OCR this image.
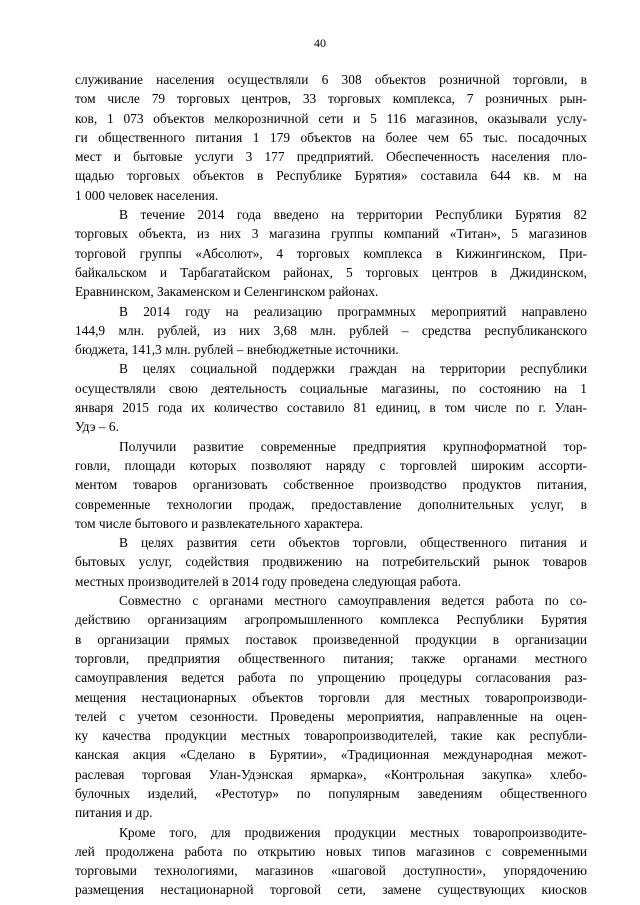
40
служивание населения осуществляли 6 308 объектов розничной торговли, в
том числе 79 торговых центров, 33 торговых комплекса, 7 розничных рын-
ков, 1 073 объектов мелкорозничной сети и 5 116 магазинов, оказывали услу-
ги общественного питания 1 179 объектов на более чем 65 тыс. посадочных
мест и бытовые услуги 3 177 предприятий. Обеспеченность населения пло-
щадью торговых объектов в Республике Бурятия» составила 644 кв. м на
1 000 человек населения.
В течение 2014 года введено на территории Республики Бурятия 82
торговых объекта, из них 3 магазина группы компаний «Титан», 5 магазинов
торговой группы «Абсолют», 4 торговых комплекса в Кижингинском, При-
байкальском и Тарбагатайском районах, 5 торговых центров в Джидинском,
Еравнинском, Закаменском и Селенгинском районах.
В 2014 году на реализацию программных мероприятий направлено
144,9 млн. рублей, из них 3,68 млн. рублей – средства республиканского
бюджета, 141,3 млн. рублей – внебюджетные источники.
В целях социальной поддержки граждан на территории республики
осуществляли свою деятельность социальные магазины, по состоянию на 1
января 2015 года их количество составило 81 единиц, в том числе по г. Улан-
Удэ – 6.
Получили развитие современные предприятия крупноформатной тор-
говли, площади которых позволяют наряду с торговлей широким ассорти-
ментом товаров организовать собственное производство продуктов питания,
современные технологии продаж, предоставление дополнительных услуг, в
том числе бытового и развлекательного характера.
В целях развития сети объектов торговли, общественного питания и
бытовых услуг, содействия продвижению на потребительский рынок товаров
местных производителей в 2014 году проведена следующая работа.
Совместно с органами местного самоуправления ведется работа по со-
действию организациям агропромышленного комплекса Республики Бурятия
в организации прямых поставок произведенной продукции в организации
торговли, предприятия общественного питания; также органами местного
самоуправления ведется работа по упрощению процедуры согласования раз-
мещения нестационарных объектов торговли для местных товаропроизводи-
телей с учетом сезонности. Проведены мероприятия, направленные на оцен-
ку качества продукции местных товаропроизводителей, такие как республи-
канская акция «Сделано в Бурятии», «Традиционная международная межот-
раслевая торговая Улан-Удэнская ярмарка», «Контрольная закупка» хлебо-
булочных изделий, «Рестотур» по популярным заведениям общественного
питания и др.
Кроме того, для продвижения продукции местных товаропроизводите-
лей продолжена работа по открытию новых типов магазинов с современными
торговыми технологиями, магазинов «шаговой доступности», упорядочению
размещения нестационарной торговой сети, замене существующих киосков
